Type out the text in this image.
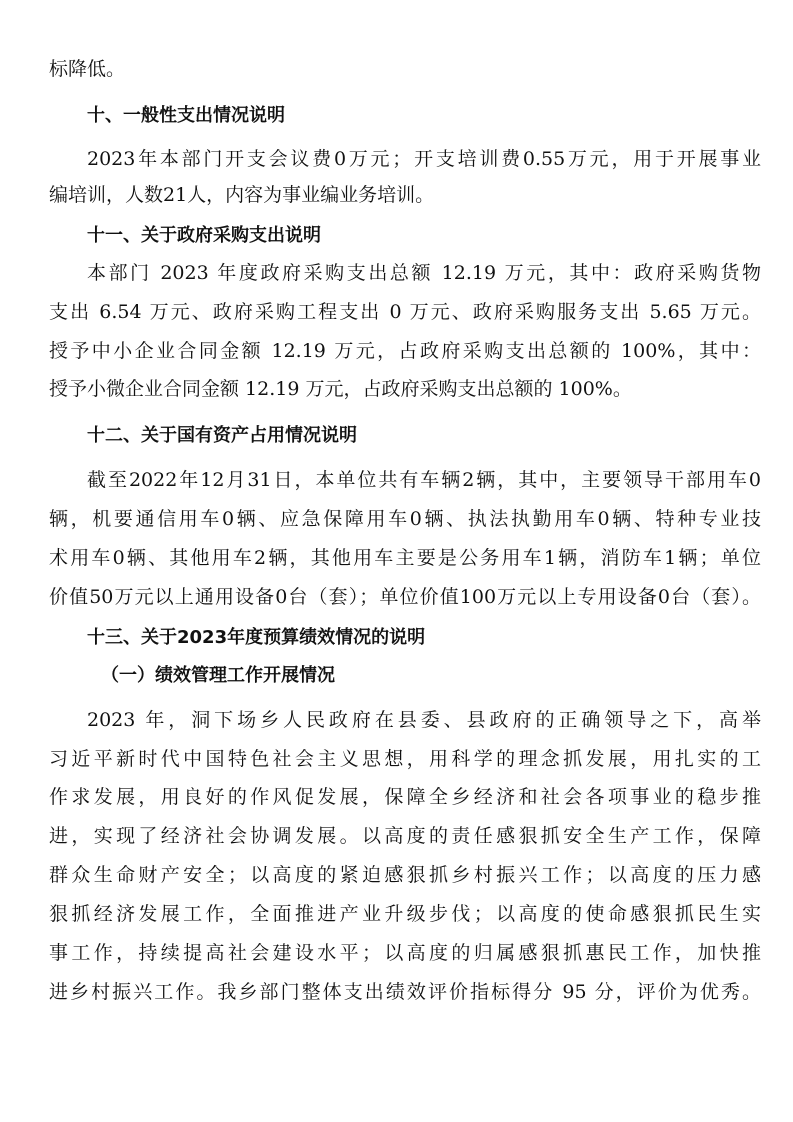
标降低。
十、一般性支出情况说明
2023年本部门开支会议费0万元；开支培训费0.55万元，用于开展事业
编培训，人数21人，内容为事业编业务培训。
十一、关于政府采购支出说明
本部门 2023 年度政府采购支出总额 12.19 万元，其中：政府采购货物
支出 6.54 万元、政府采购工程支出 0 万元、政府采购服务支出 5.65 万元。
授予中小企业合同金额 12.19 万元，占政府采购支出总额的 100%，其中：
授予小微企业合同金额 12.19 万元，占政府采购支出总额的 100%。
十二、关于国有资产占用情况说明
截至2022年12月31日，本单位共有车辆2辆，其中，主要领导干部用车0
辆，机要通信用车0辆、应急保障用车0辆、执法执勤用车0辆、特种专业技
术用车0辆、其他用车2辆，其他用车主要是公务用车1辆，消防车1辆；单位
价值50万元以上通用设备0台（套）；单位价值100万元以上专用设备0台（套）。
十三、关于2023年度预算绩效情况的说明
（一）绩效管理工作开展情况
2023 年，洞下场乡人民政府在县委、县政府的正确领导之下，高举
习近平新时代中国特色社会主义思想，用科学的理念抓发展，用扎实的工
作求发展，用良好的作风促发展，保障全乡经济和社会各项事业的稳步推
进，实现了经济社会协调发展。以高度的责任感狠抓安全生产工作，保障
群众生命财产安全；以高度的紧迫感狠抓乡村振兴工作；以高度的压力感
狠抓经济发展工作，全面推进产业升级步伐；以高度的使命感狠抓民生实
事工作，持续提高社会建设水平；以高度的归属感狠抓惠民工作，加快推
进乡村振兴工作。我乡部门整体支出绩效评价指标得分 95 分，评价为优秀。
